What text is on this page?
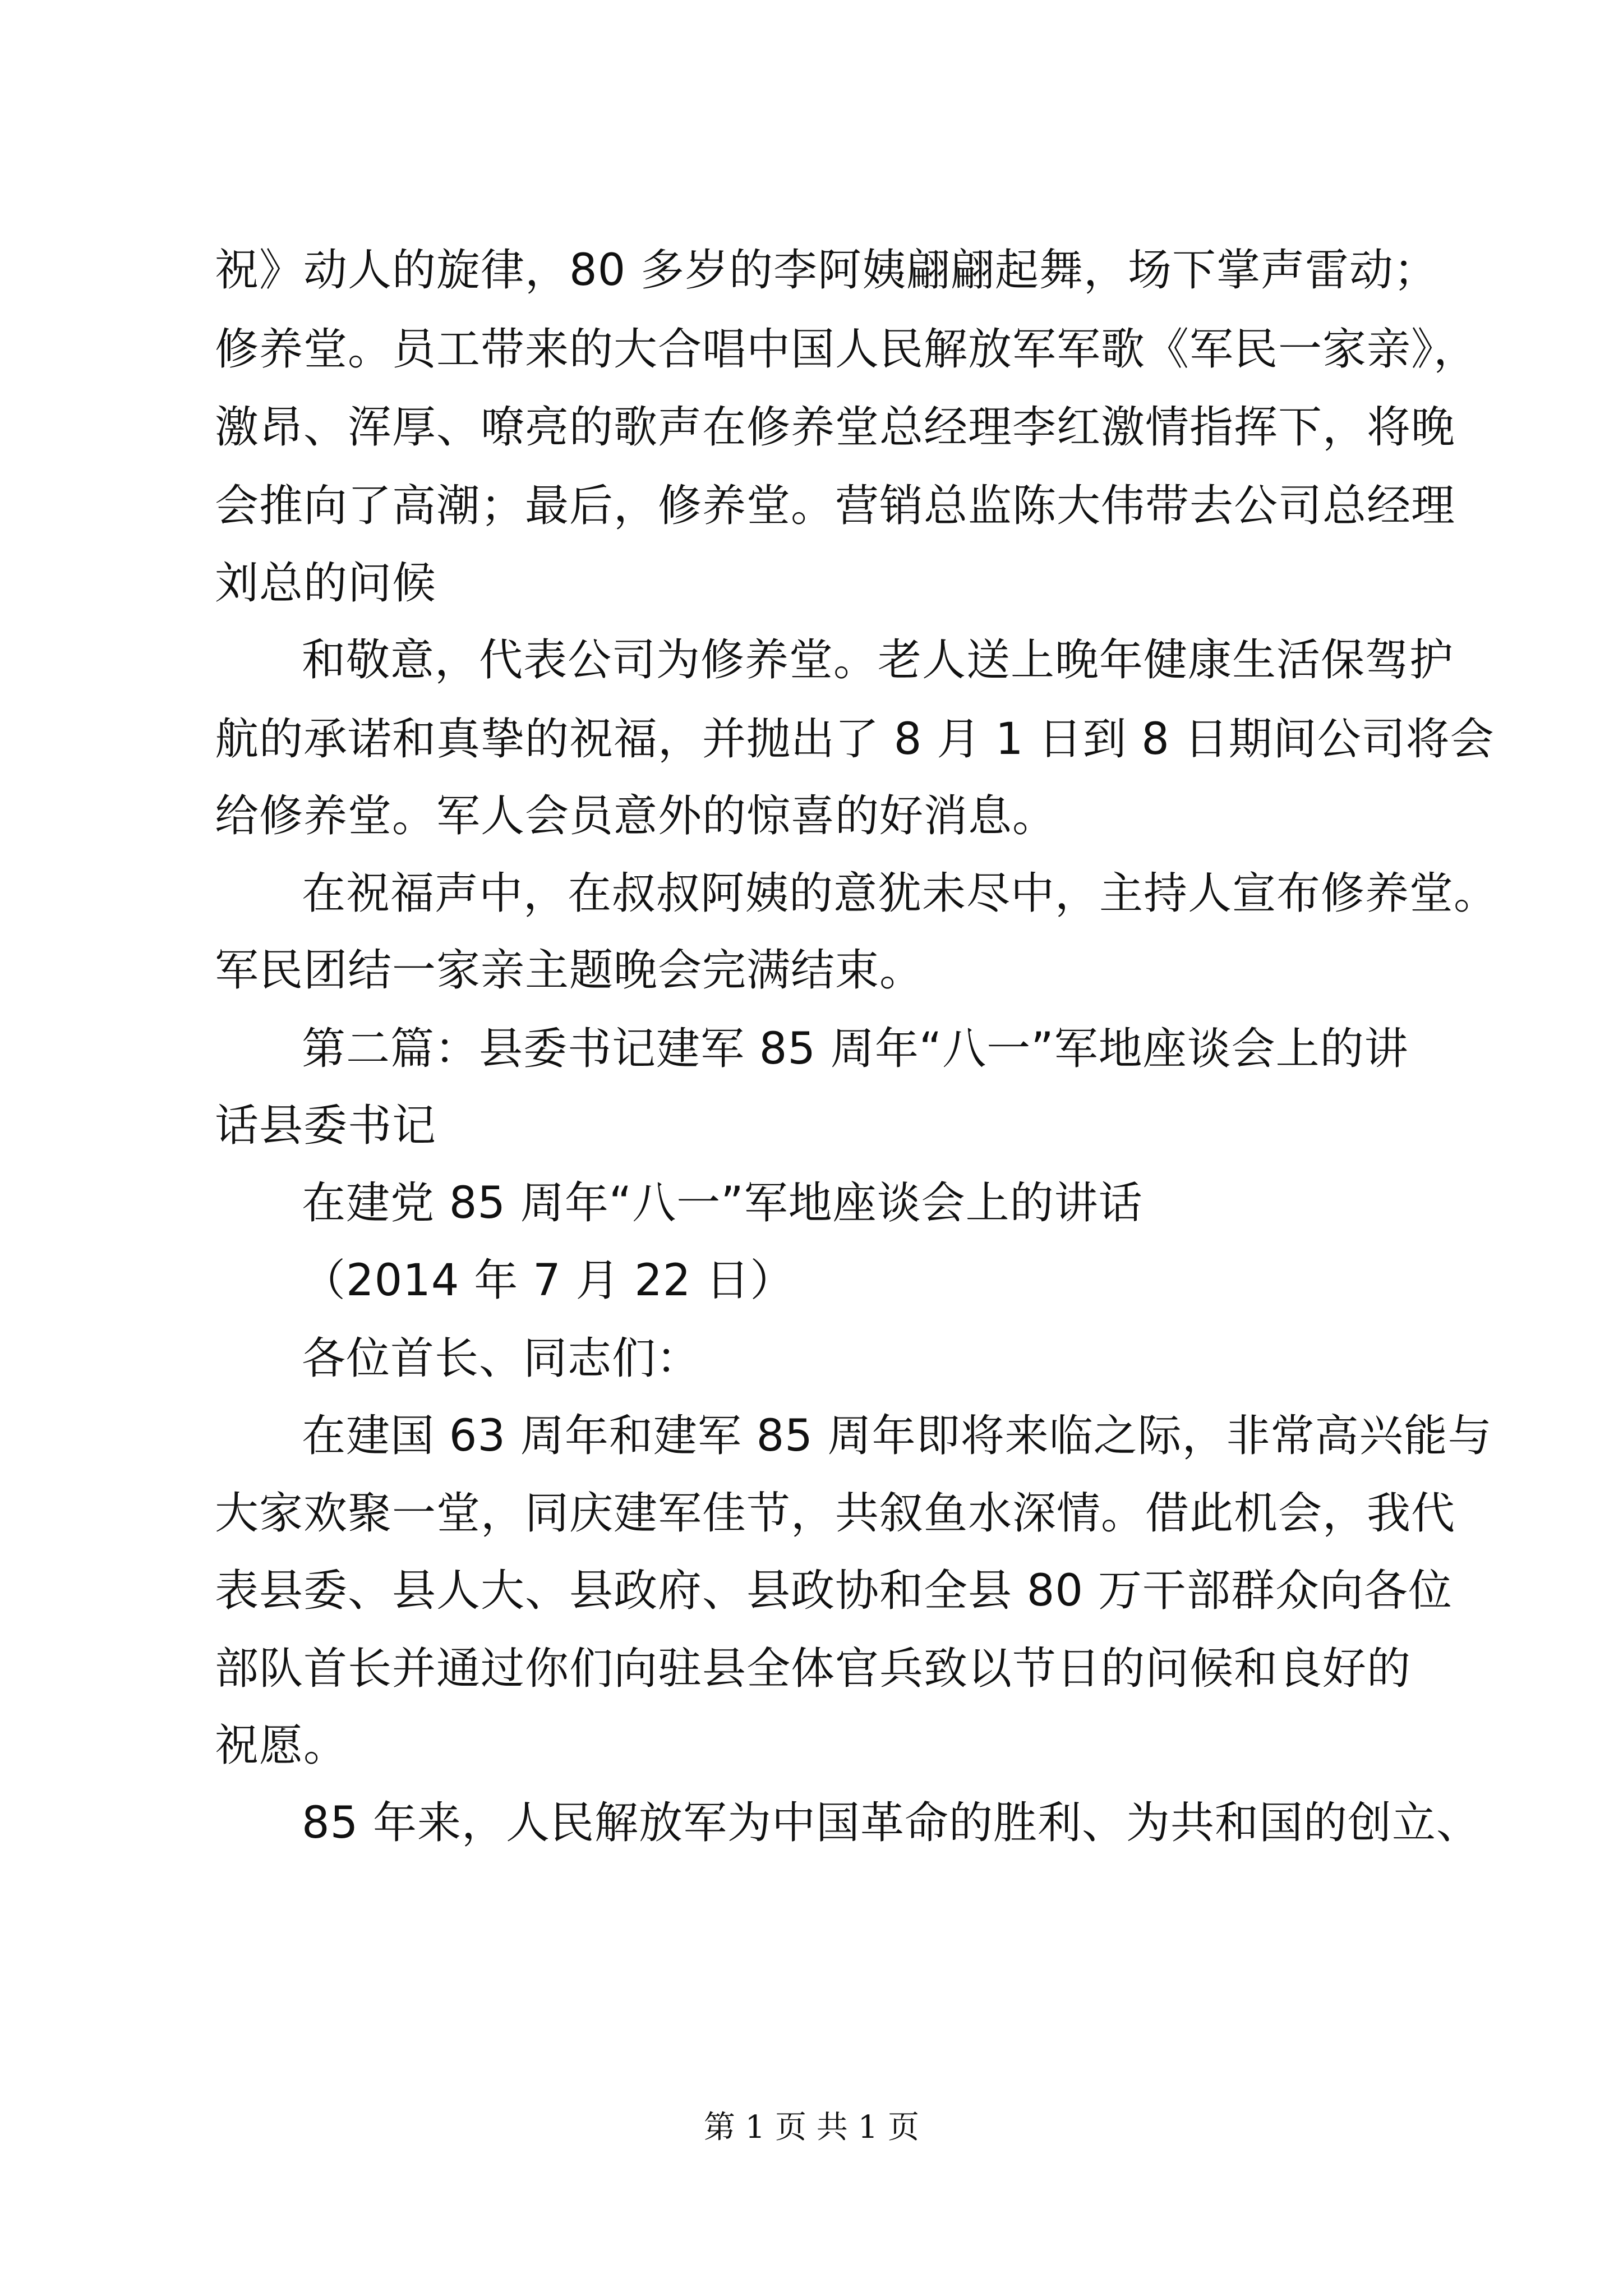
祝》动人的旋律，80 多岁的李阿姨翩翩起舞，场下掌声雷动；
修养堂。员工带来的大合唱中国人民解放军军歌《军民一家亲》，
激昂、浑厚、嘹亮的歌声在修养堂总经理李红激情指挥下，将晚
会推向了高潮；最后，修养堂。营销总监陈大伟带去公司总经理
刘总的问候
和敬意，代表公司为修养堂。老人送上晚年健康生活保驾护
航的承诺和真挚的祝福，并抛出了 8 月 1 日到 8 日期间公司将会
给修养堂。军人会员意外的惊喜的好消息。
在祝福声中，在叔叔阿姨的意犹未尽中，主持人宣布修养堂。
军民团结一家亲主题晚会完满结束。
第二篇：县委书记建军 85 周年“八一”军地座谈会上的讲
话县委书记
在建党 85 周年“八一”军地座谈会上的讲话
（2014 年 7 月 22 日）
各位首长、同志们：
在建国 63 周年和建军 85 周年即将来临之际，非常高兴能与
大家欢聚一堂，同庆建军佳节，共叙鱼水深情。借此机会，我代
表县委、县人大、县政府、县政协和全县 80 万干部群众向各位
部队首长并通过你们向驻县全体官兵致以节日的问候和良好的
祝愿。
85 年来，人民解放军为中国革命的胜利、为共和国的创立、
第 1 页 共 1 页
